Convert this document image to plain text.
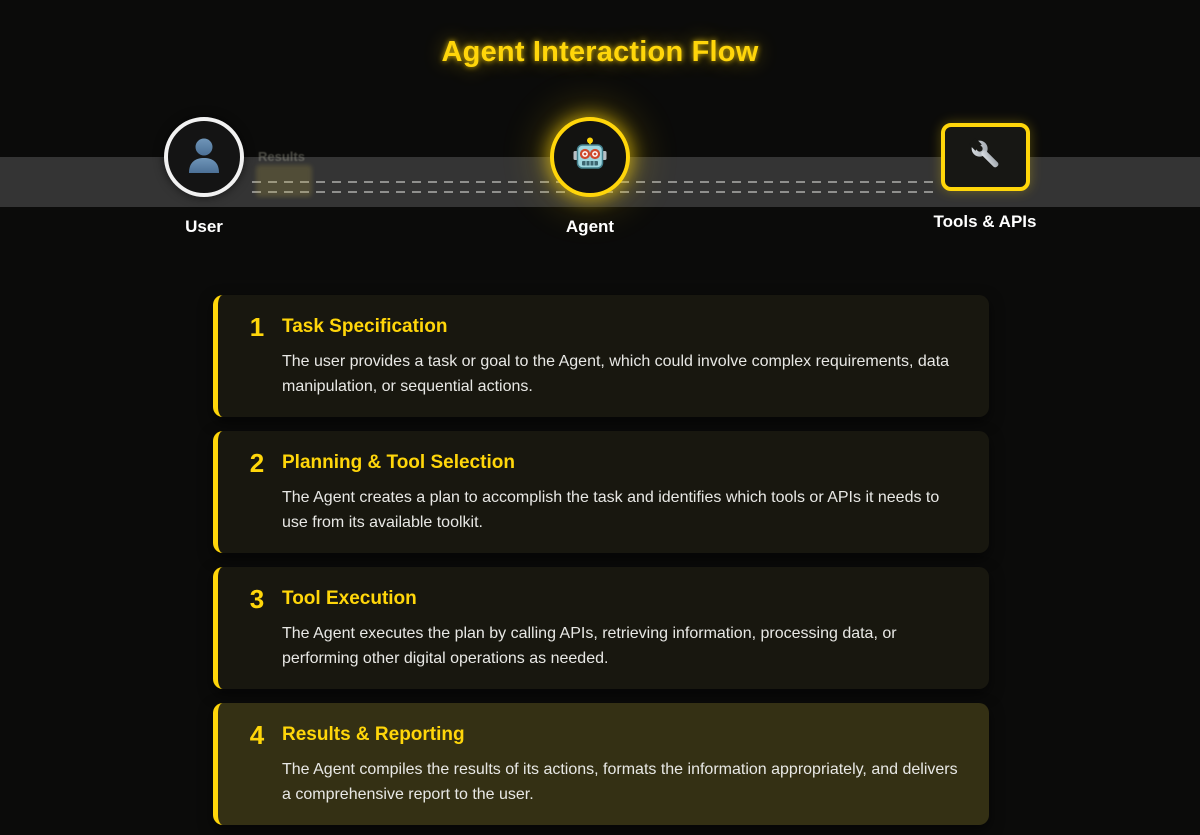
Agent Interaction Flow
Results
User	Agent	Tools & APIs
1 Task Specification
The user provides a task or goal to the Agent, which could involve complex requirements, data manipulation, or sequential actions.
2 Planning & Tool Selection
The Agent creates a plan to accomplish the task and identifies which tools or APIs it needs to use from its available toolkit.
3 Tool Execution
The Agent executes the plan by calling APIs, retrieving information, processing data, or performing other digital operations as needed.
4 Results & Reporting
The Agent compiles the results of its actions, formats the information appropriately, and delivers a comprehensive report to the user.
